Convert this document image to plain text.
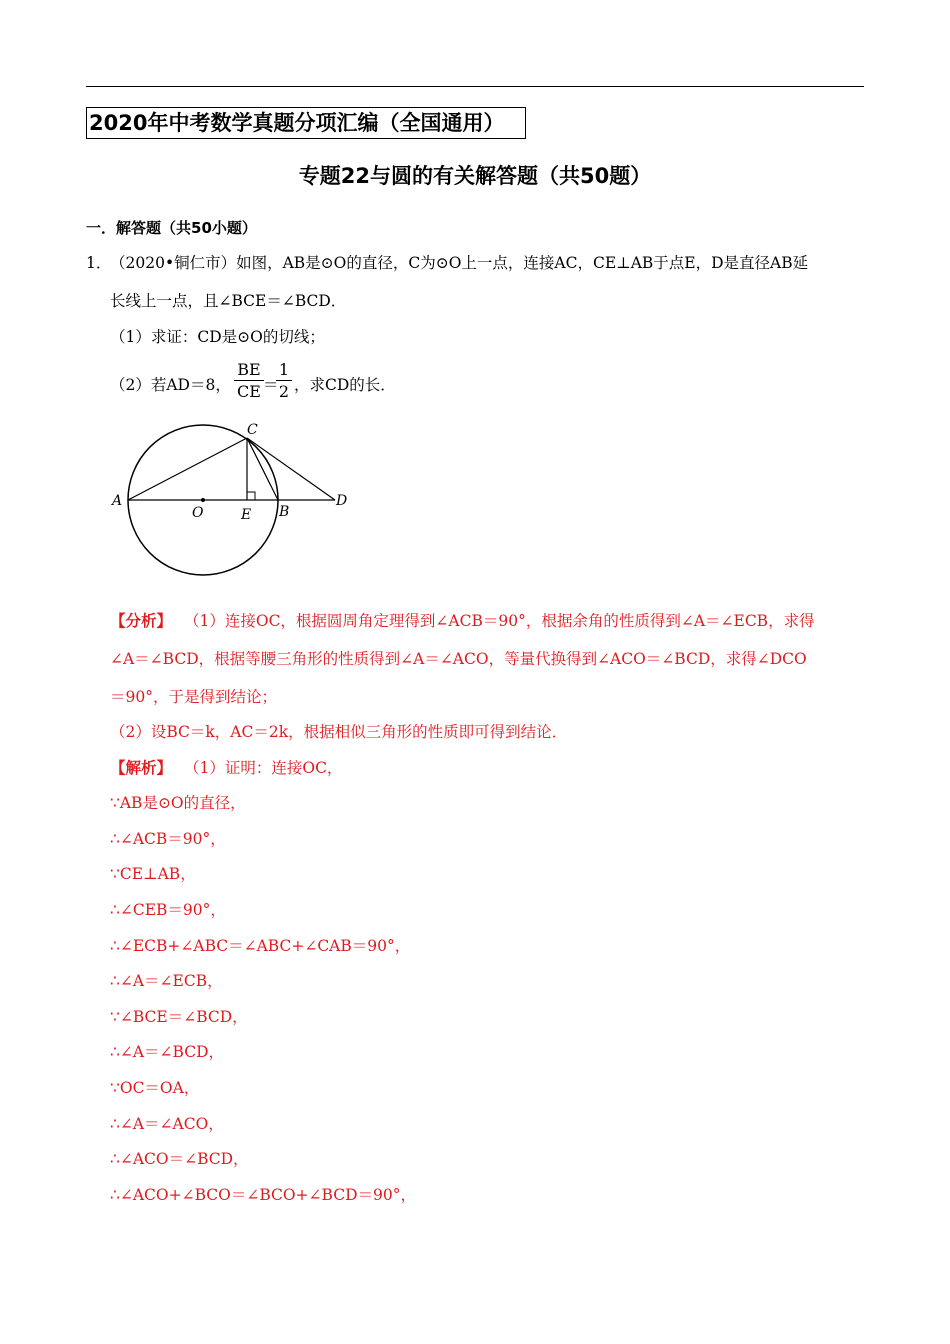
2020年中考数学真题分项汇编（全国通用）
专题22与圆的有关解答题（共50题）
一．解答题（共50小题）
1．
（2020•铜仁市）如图，AB是⊙O的直径，C为⊙O上一点，连接AC，CE⊥AB于点E，D是直径AB延
长线上一点，且∠BCE＝∠BCD．
（1）求证：CD是⊙O的切线；
（2）若AD＝8， $\frac{BE}{CE}$ ＝
$\frac{1}{2}$ ，求CD的长．
A
O	E B
C
D
【分析】 （1）连接OC，根据圆周角定理得到∠ACB＝90°，根据余角的性质得到∠A＝∠ECB，求得
∠A＝∠BCD，根据等腰三角形的性质得到∠A＝∠ACO，等量代换得到∠ACO＝∠BCD，求得∠DCO
＝90°，于是得到结论；
（2）设BC＝k，AC＝2k，根据相似三角形的性质即可得到结论．
【解析】 （1）证明：连接OC，
∵AB是⊙O的直径，
∴∠ACB＝90°，
∵CE⊥AB，
∴∠CEB＝90°，
∴∠ECB+∠ABC＝∠ABC+∠CAB＝90°，
∴∠A＝∠ECB，
∵∠BCE＝∠BCD，
∴∠A＝∠BCD，
∵OC＝OA，
∴∠A＝∠ACO，
∴∠ACO＝∠BCD，
∴∠ACO+∠BCO＝∠BCO+∠BCD＝90°，
